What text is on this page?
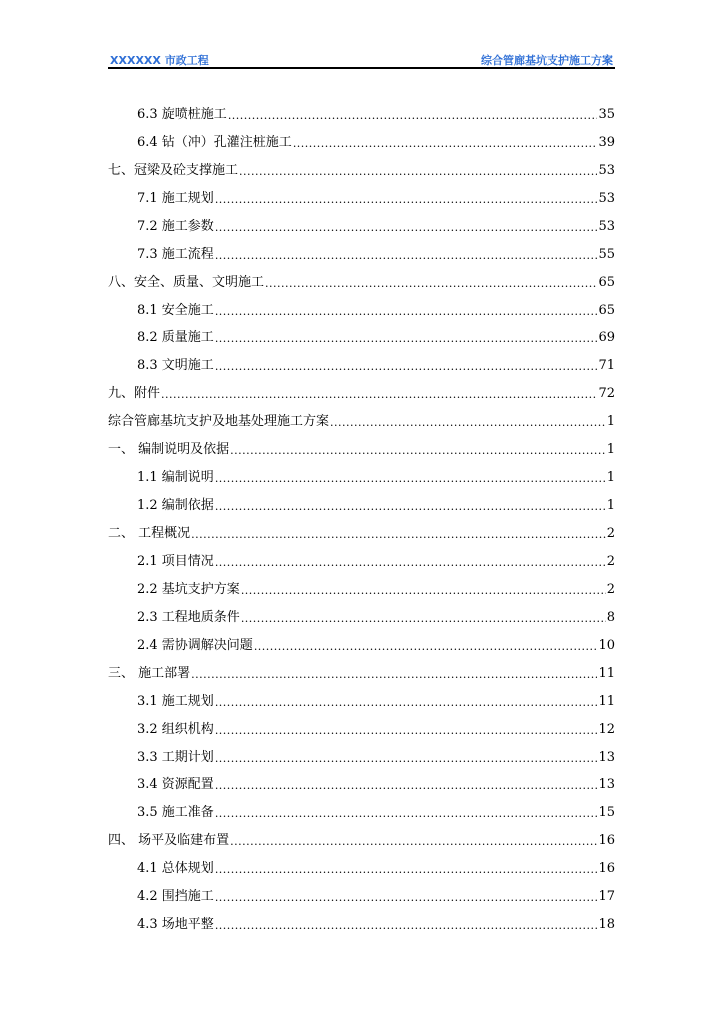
XXXXXX 市政工程	综合管廊基坑支护施工方案
6.3 旋喷桩施工 .....	35
6.4 钻（冲）孔灌注桩施工 .....	39
七、冠梁及砼支撑施工 .....	53
7.1 施工规划 .....	53
7.2 施工参数 .....	53
7.3 施工流程 .....	55
八、安全、质量、文明施工 .....	65
8.1 安全施工 .....	65
8.2 质量施工 .....	69
8.3 文明施工 .....	71
九、附件 .....	72
综合管廊基坑支护及地基处理施工方案 .....	1
一、 编制说明及依据 .....	1
1.1 编制说明 .....	1
1.2 编制依据 .....	1
二、 工程概况 .....	2
2.1 项目情况 .....	2
2.2 基坑支护方案 .....	2
2.3 工程地质条件 .....	8
2.4 需协调解决问题 .....	10
三、 施工部署 .....	11
3.1 施工规划 .....	11
3.2 组织机构 .....	12
3.3 工期计划 .....	13
3.4 资源配置 .....	13
3.5 施工准备 .....	15
四、 场平及临建布置 .....	16
4.1 总体规划 .....	16
4.2 围挡施工 .....	17
4.3 场地平整 .....	18
